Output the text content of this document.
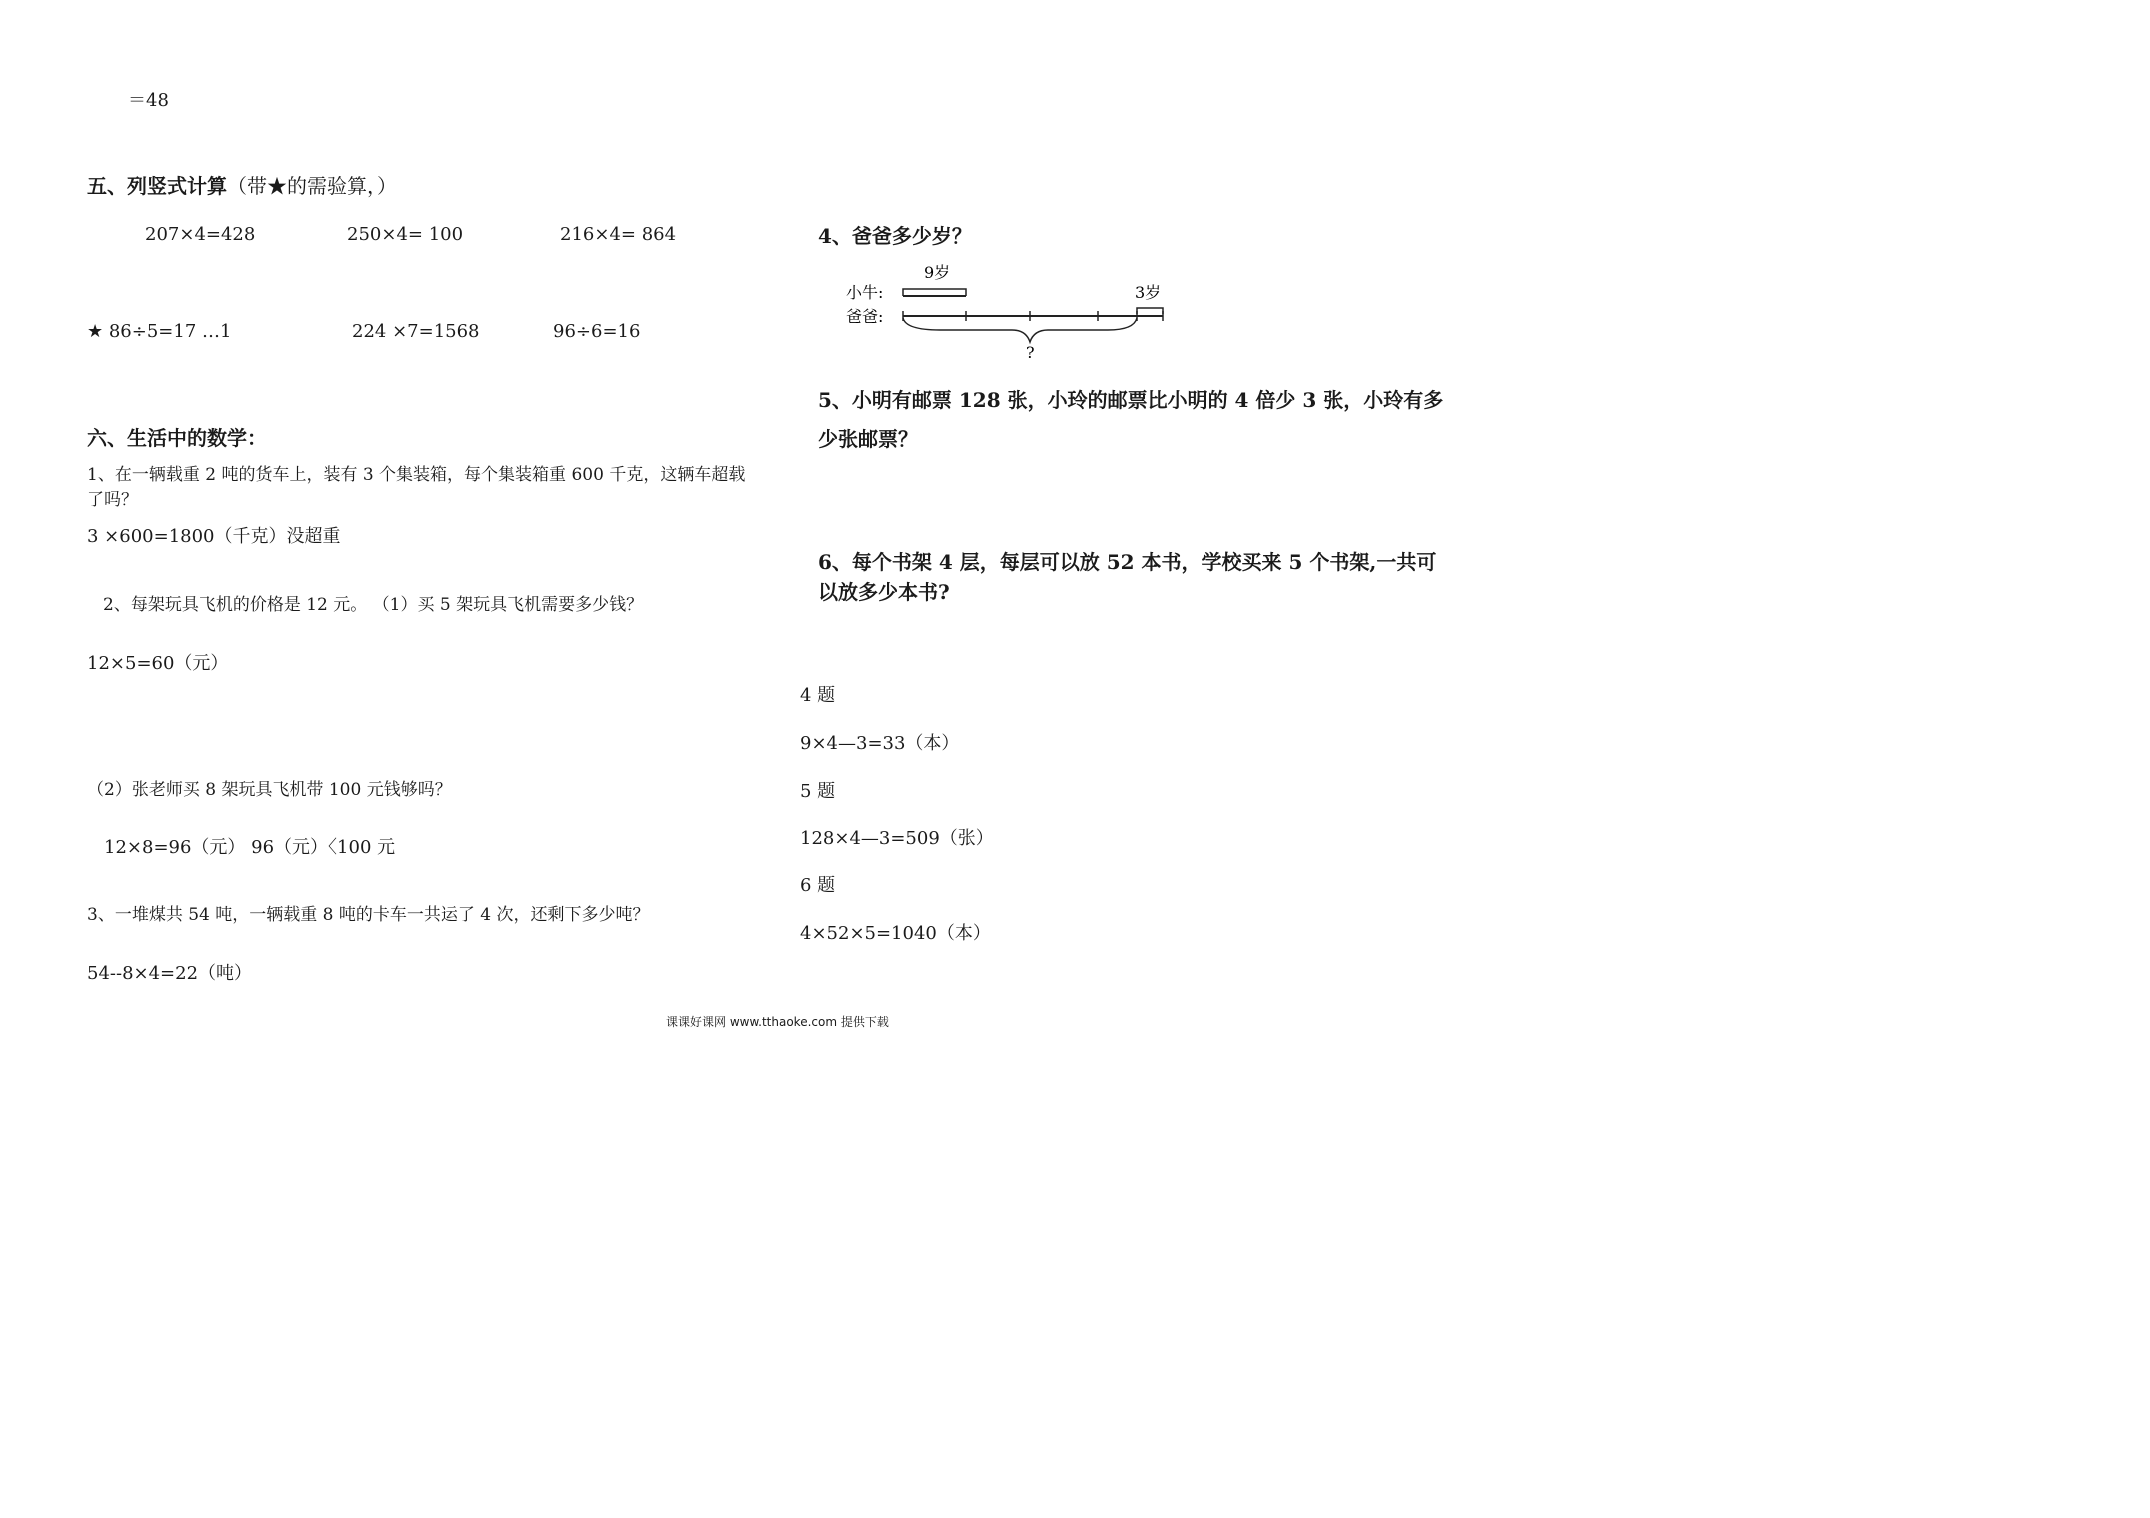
＝48
五、列竖式计算（带★的需验算，）
207×4=428	250×4= 100	216×4= 864
★ 86÷5=17 …1	224 ×7=1568	96÷6=16
六、生活中的数学：
1、在一辆载重 2 吨的货车上，装有 3 个集装箱，每个集装箱重 600 千克，这辆车超载
了吗？
3 ×600=1800（千克）没超重
2、每架玩具飞机的价格是 12 元。 （1）买 5 架玩具飞机需要多少钱？
12×5=60（元）
（2）张老师买 8 架玩具飞机带 100 元钱够吗？
12×8=96（元） 96（元）〈100 元
3、一堆煤共 54 吨，一辆载重 8 吨的卡车一共运了 4 次，还剩下多少吨？
54--8×4=22（吨）
4、爸爸多少岁？
9岁
小牛:	3岁
爸爸:
?
5、小明有邮票 128 张，小玲的邮票比小明的 4 倍少 3 张，小玲有多
少张邮票？
6、每个书架 4 层，每层可以放 52 本书，学校买来 5 个书架,一共可
以放多少本书?
4 题
9×4—3=33（本）
5 题
128×4—3=509（张）
6 题
4×52×5=1040（本）
课课好课网 www.tthaoke.com 提供下载
